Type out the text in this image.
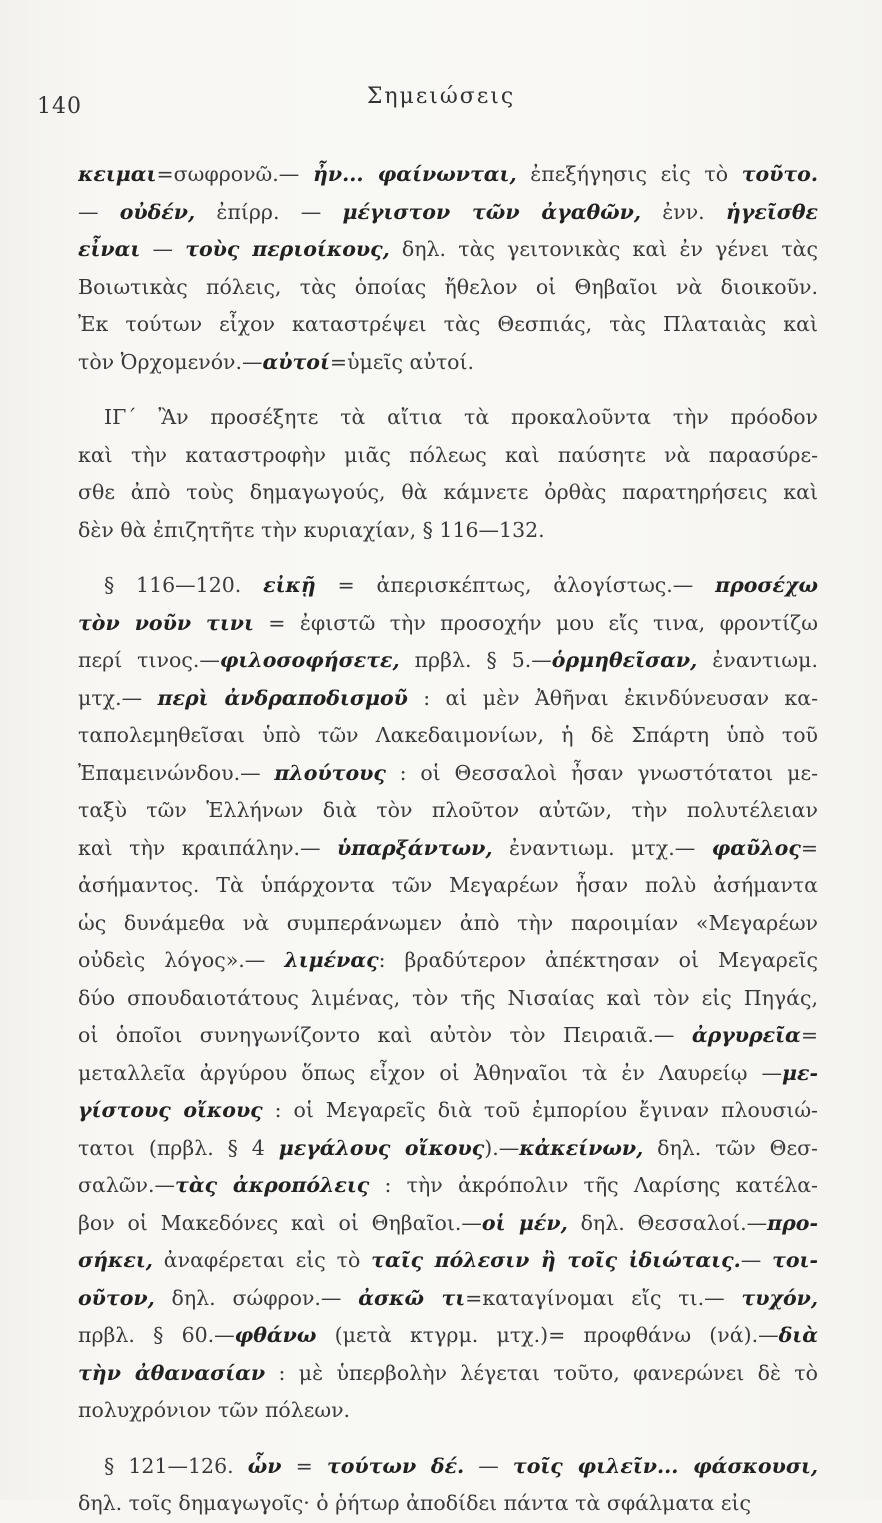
140	Σημειώσεις
κειμαι=σωφρονῶ.— ἦν... φαίνωνται, ἐπεξήγησις εἰς τὸ τοῦτο.
— οὐδέν, ἐπίρρ. — μέγιστον τῶν ἀγαθῶν, ἐνν. ἡγεῖσθε
εἶναι — τοὺς περιοίκους, δηλ. τὰς γειτονικὰς καὶ ἐν γένει τὰς
Βοιωτικὰς πόλεις, τὰς ὁποίας ἤθελον οἱ Θηβαῖοι νὰ διοικοῦν.
Ἐκ τούτων εἶχον καταστρέψει τὰς Θεσπιάς, τὰς Πλαταιὰς καὶ
τὸν Ὀρχομενόν.—αὐτοί=ὑμεῖς αὐτοί.
ΙΓ΄ Ἂν προσέξητε τὰ αἴτια τὰ προκαλοῦντα τὴν πρόοδον
καὶ τὴν καταστροφὴν μιᾶς πόλεως καὶ παύσητε νὰ παρασύρε-
σθε ἀπὸ τοὺς δημαγωγούς, θὰ κάμνετε ὀρθὰς παρατηρήσεις καὶ
δὲν θὰ ἐπιζητῆτε τὴν κυριαχίαν, § 116—132.
§ 116—120. εἰκῇ = ἀπερισκέπτως, ἀλογίστως.— προσέχω
τὸν νοῦν τινι = ἐφιστῶ τὴν προσοχήν μου εἴς τινα, φροντίζω
περί τινος.—φιλοσοφήσετε, πρβλ. § 5.—ὁρμηθεῖσαν, ἐναντιωμ.
μτχ.— περὶ ἀνδραποδισμοῦ : αἱ μὲν Ἀθῆναι ἐκινδύνευσαν κα-
ταπολεμηθεῖσαι ὑπὸ τῶν Λακεδαιμονίων, ἡ δὲ Σπάρτη ὑπὸ τοῦ
Ἐπαμεινώνδου.— πλούτους : οἱ Θεσσαλοὶ ἦσαν γνωστότατοι με-
ταξὺ τῶν Ἑλλήνων διὰ τὸν πλοῦτον αὐτῶν, τὴν πολυτέλειαν
καὶ τὴν κραιπάλην.— ὑπαρξάντων, ἐναντιωμ. μτχ.— φαῦλος=
ἀσήμαντος. Τὰ ὑπάρχοντα τῶν Μεγαρέων ἦσαν πολὺ ἀσήμαντα
ὡς δυνάμεθα νὰ συμπεράνωμεν ἀπὸ τὴν παροιμίαν «Μεγαρέων
οὐδεὶς λόγος».— λιμένας: βραδύτερον ἀπέκτησαν οἱ Μεγαρεῖς
δύο σπουδαιοτάτους λιμένας, τὸν τῆς Νισαίας καὶ τὸν εἰς Πηγάς,
οἱ ὁποῖοι συνηγωνίζοντο καὶ αὐτὸν τὸν Πειραιᾶ.— ἀργυρεῖα=
μεταλλεῖα ἀργύρου ὅπως εἶχον οἱ Ἀθηναῖοι τὰ ἐν Λαυρείῳ —με-
γίστους οἴκους : οἱ Μεγαρεῖς διὰ τοῦ ἐμπορίου ἔγιναν πλουσιώ-
τατοι (πρβλ. § 4 μεγάλους οἴκους).—κἀκείνων, δηλ. τῶν Θεσ-
σαλῶν.—τὰς ἀκροπόλεις : τὴν ἀκρόπολιν τῆς Λαρίσης κατέλα-
βον οἱ Μακεδόνες καὶ οἱ Θηβαῖοι.—οἱ μέν, δηλ. Θεσσαλοί.—προ-
σήκει, ἀναφέρεται εἰς τὸ ταῖς πόλεσιν ἢ τοῖς ἰδιώταις.— τοι-
οῦτον, δηλ. σώφρον.— ἀσκῶ τι=καταγίνομαι εἴς τι.— τυχόν,
πρβλ. § 60.—φθάνω (μετὰ κτγρμ. μτχ.)= προφθάνω (νά).—διὰ
τὴν ἀθανασίαν : μὲ ὑπερβολὴν λέγεται τοῦτο, φανερώνει δὲ τὸ
πολυχρόνιον τῶν πόλεων.
§ 121—126. ὧν = τούτων δέ. — τοῖς φιλεῖν... φάσκουσι,
δηλ. τοῖς δημαγωγοῖς· ὁ ῥήτωρ ἀποδίδει πάντα τὰ σφάλματα εἰς
